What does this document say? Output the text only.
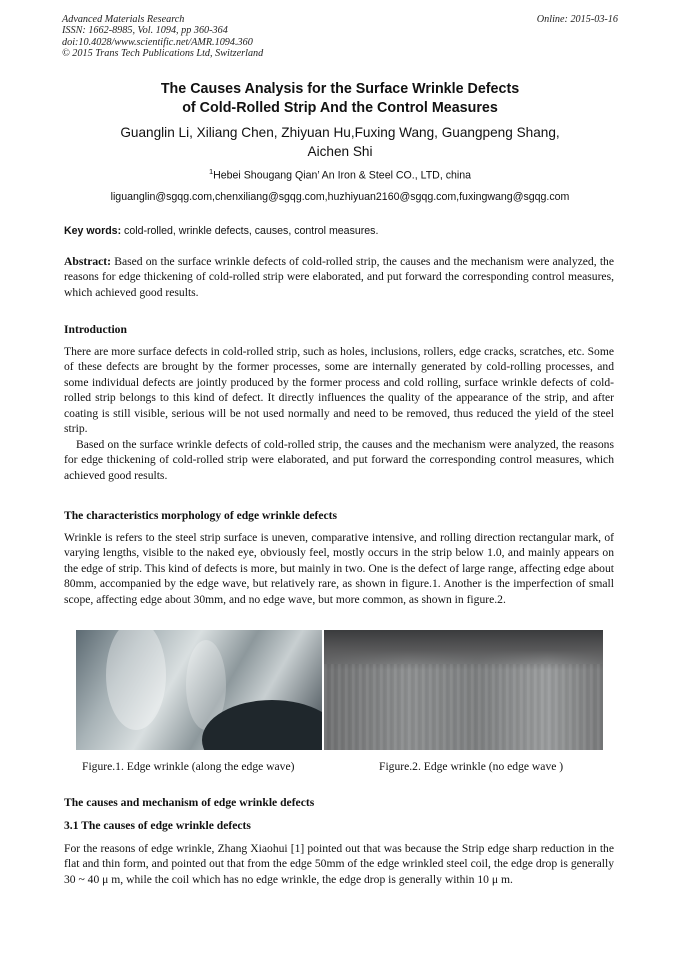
Advanced Materials Research
ISSN: 1662-8985, Vol. 1094, pp 360-364
doi:10.4028/www.scientific.net/AMR.1094.360
© 2015 Trans Tech Publications Ltd, Switzerland
Online: 2015-03-16
The Causes Analysis for the Surface Wrinkle Defects
of Cold-Rolled Strip And the Control Measures
Guanglin Li, Xiliang Chen, Zhiyuan Hu,Fuxing Wang, Guangpeng Shang,
Aichen Shi
$^1$Hebei Shougang Qian’ An Iron & Steel CO., LTD, china
liguanglin@sgqg.com,chenxiliang@sgqg.com,huzhiyuan2160@sgqg.com,fuxingwang@sgqg.com
Key words: cold-rolled, wrinkle defects, causes, control measures.
Abstract: Based on the surface wrinkle defects of cold-rolled strip, the causes and the mechanism were analyzed, the reasons for edge thickening of cold-rolled strip were elaborated, and put forward the corresponding control measures, which achieved good results.
Introduction
There are more surface defects in cold-rolled strip, such as holes, inclusions, rollers, edge cracks, scratches, etc. Some of these defects are brought by the former processes, some are internally generated by cold-rolling processes, and some individual defects are jointly produced by the former process and cold rolling, surface wrinkle defects of cold-rolled strip belongs to this kind of defect. It directly influences the quality of the appearance of the strip, and after coating is still visible, serious will be not used normally and need to be removed, thus reduced the yield of the steel strip.
Based on the surface wrinkle defects of cold-rolled strip, the causes and the mechanism were analyzed, the reasons for edge thickening of cold-rolled strip were elaborated, and put forward the corresponding control measures, which achieved good results.
The characteristics morphology of edge wrinkle defects
Wrinkle is refers to the steel strip surface is uneven, comparative intensive, and rolling direction rectangular mark, of varying lengths, visible to the naked eye, obviously feel, mostly occurs in the strip below 1.0, and mainly appears on the edge of strip. This kind of defects is more, but mainly in two. One is the defect of large range, affecting edge about 80mm, accompanied by the edge wave, but relatively rare, as shown in figure.1. Another is the imperfection of small scope, affecting edge about 30mm, and no edge wave, but more common, as shown in figure.2.
Figure.1. Edge wrinkle (along the edge wave)	Figure.2. Edge wrinkle (no edge wave )
The causes and mechanism of edge wrinkle defects
3.1 The causes of edge wrinkle defects
For the reasons of edge wrinkle, Zhang Xiaohui [1] pointed out that was because the Strip edge sharp reduction in the flat and thin form, and pointed out that from the edge 50mm of the edge wrinkled steel coil, the edge drop is generally 30 ~ 40 μ m, while the coil which has no edge wrinkle, the edge drop is generally within 10 μ m.
